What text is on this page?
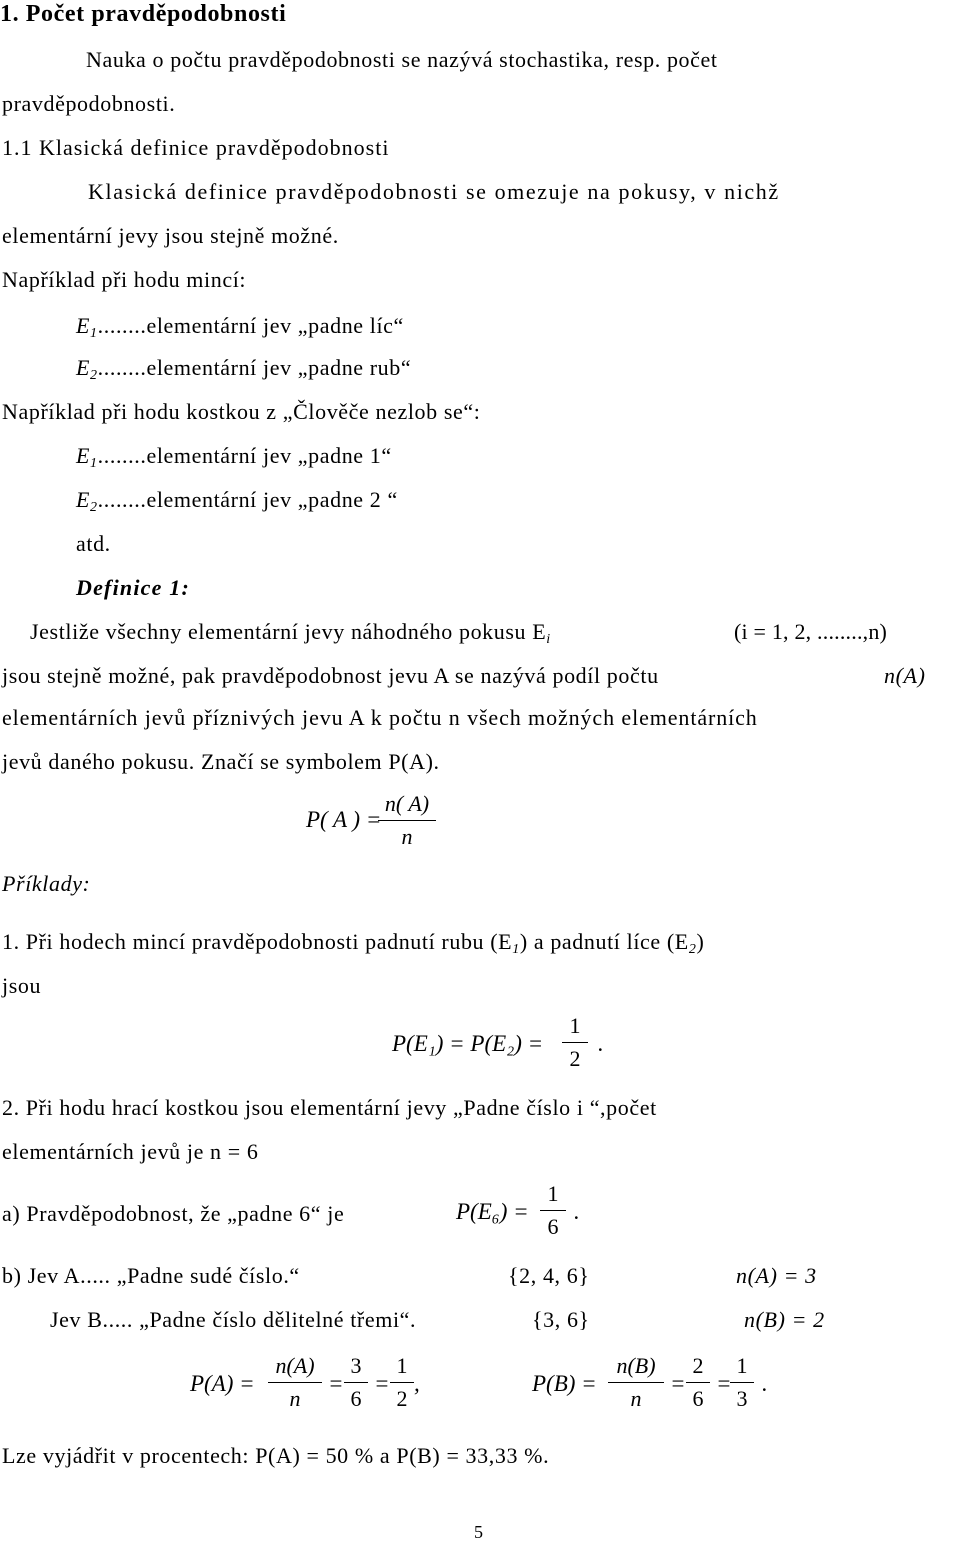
1. Počet pravděpodobnosti
Nauka o počtu pravděpodobnosti se nazývá stochastika, resp. počet
pravděpodobnosti.
1.1 Klasická definice pravděpodobnosti
Klasická definice pravděpodobnosti se omezuje na pokusy, v nichž
elementární jevy jsou stejně možné.
Například při hodu mincí:
$E_1........elementární$ jev „padne líc“
$E_2........elementární$ jev „padne rub“
Například při hodu kostkou z „Člověče nezlob se“:
$E_1........elementární$ jev „padne 1“
$E_2........elementární$ jev „padne 2 “
atd.
Definice 1:
Jestliže všechny elementární jevy náhodného pokusu $E_i$	(i = 1, 2, ........,n)
jsou stejně možné, pak pravděpodobnost jevu A se nazývá podíl počtu	n(A)
elementárních jevů příznivých jevu A k počtu n všech možných elementárních
jevů daného pokusu. Značí se symbolem P(A).
P( A ) =
$\frac{n( A)}{n}$
Příklady:
1. Při hodech mincí pravděpodobnosti padnutí rubu $(E_1)$ a padnutí líce $(E_2)$
jsou
$P(E_1) = P(E_2) = \frac{1}{2}$ .
2. Při hodu hrací kostkou jsou elementární jevy „Padne číslo i “,počet
elementárních jevů je n = 6
a) Pravděpodobnost, že „padne 6“ je	$P(E_6) = \frac{1}{6}$ .
b) Jev A..... „Padne sudé číslo.“	{2, 4, 6}	n(A) = 3
Jev B..... „Padne číslo dělitelné třemi“.	{3, 6}	n(B) = 2
$P(A) = \frac{n(A)}{n} = \frac{3}{6} = \frac{1}{2}$ ,	$P(B) = \frac{n(B)}{n} = \frac{2}{6}$ =
$\frac{1}{3}$ .
Lze vyjádřit v procentech: P(A) = 50 % a P(B) = 33,33 %.
5
